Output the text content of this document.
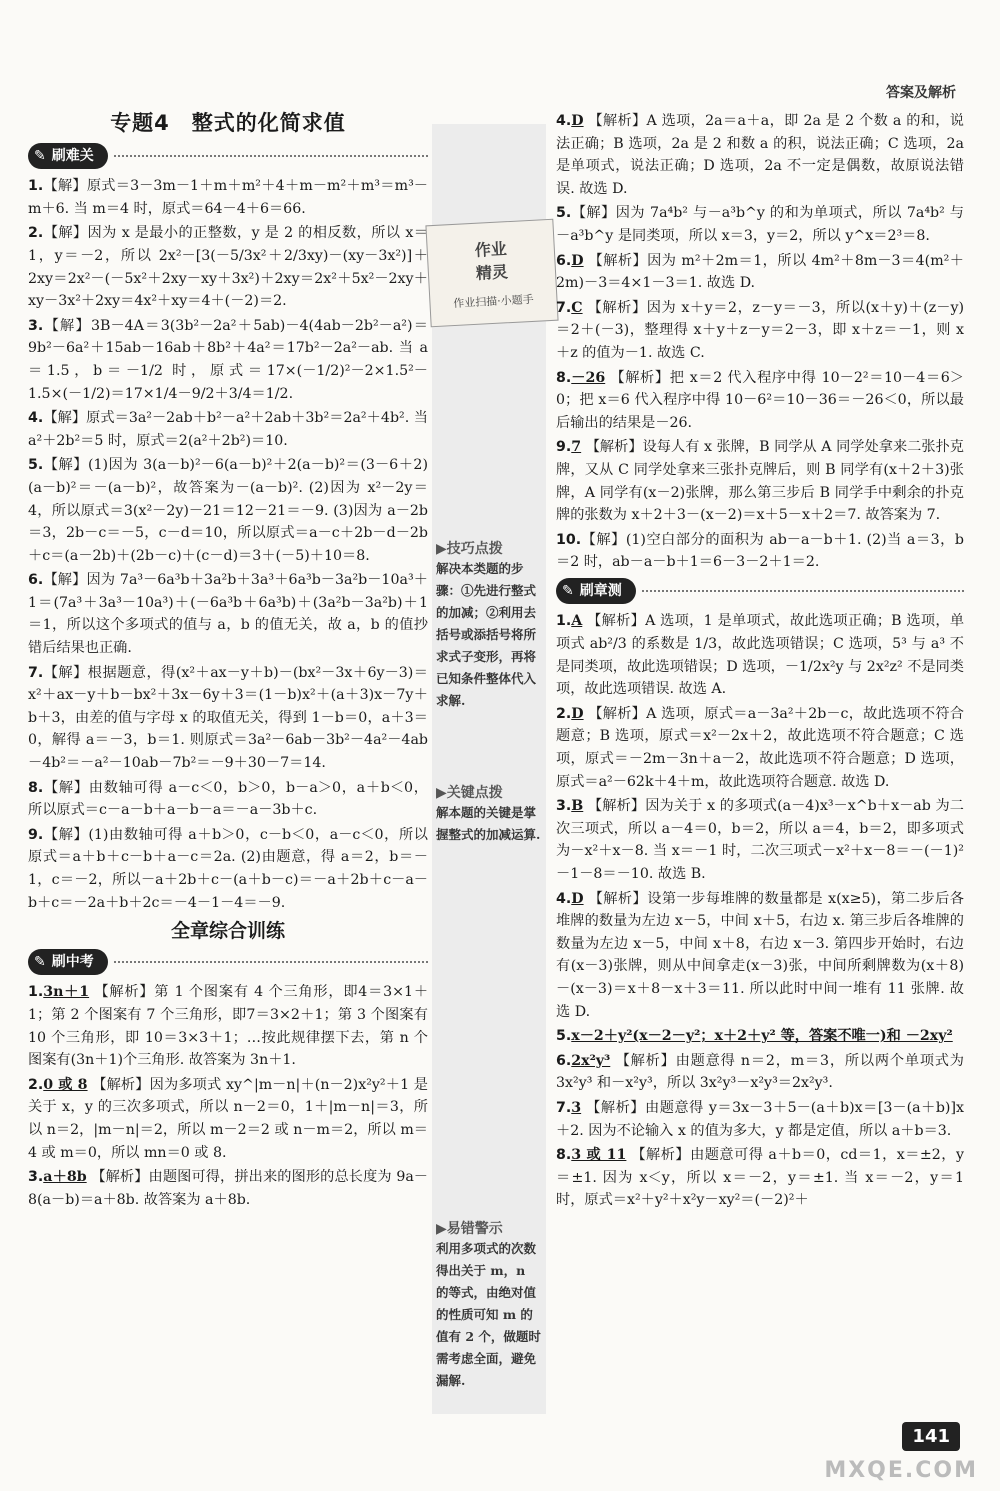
答案及解析
作业
精灵
作业扫描·小题手
▶技巧点拨
解决本类题的步骤：①先进行整式的加减；②利用去括号或添括号将所求式子变形，再将已知条件整体代入求解.
▶关键点拨
解本题的关键是掌握整式的加减运算.
▶易错警示
利用多项式的次数得出关于 m，n 的等式，由绝对值的性质可知 m 的值有 2 个，做题时需考虑全面，避免漏解.
专题4　整式的化简求值
✎ 刷难关
1.【解】原式＝3－3m－1＋m＋m²＋4＋m－m²＋m³＝m³－m＋6. 当 m＝4 时，原式＝64－4＋6＝66.
2.【解】因为 x 是最小的正整数，y 是 2 的相反数，所以 x＝1，y＝－2，所以 2x²－[3(－5/3x²＋2/3xy)－(xy－3x²)]＋2xy＝2x²－(－5x²＋2xy－xy＋3x²)＋2xy＝2x²＋5x²－2xy＋xy－3x²＋2xy＝4x²＋xy＝4＋(－2)＝2.
3.【解】3B－4A＝3(3b²－2a²＋5ab)－4(4ab－2b²－a²)＝9b²－6a²＋15ab－16ab＋8b²＋4a²＝17b²－2a²－ab. 当 a＝1.5，b＝－1/2 时，原式＝17×(－1/2)²－2×1.5²－1.5×(－1/2)＝17×1/4－9/2＋3/4＝1/2.
4.【解】原式＝3a²－2ab＋b²－a²＋2ab＋3b²＝2a²＋4b². 当 a²＋2b²＝5 时，原式＝2(a²＋2b²)＝10.
5.【解】(1)因为 3(a－b)²－6(a－b)²＋2(a－b)²＝(3－6＋2)(a－b)²＝－(a－b)²，故答案为－(a－b)². (2)因为 x²－2y＝4，所以原式＝3(x²－2y)－21＝12－21＝－9. (3)因为 a－2b＝3，2b－c＝－5，c－d＝10，所以原式＝a－c＋2b－d－2b＋c＝(a－2b)＋(2b－c)＋(c－d)＝3＋(－5)＋10＝8.
6.【解】因为 7a³－6a³b＋3a²b＋3a³＋6a³b－3a²b－10a³＋1＝(7a³＋3a³－10a³)＋(－6a³b＋6a³b)＋(3a²b－3a²b)＋1＝1，所以这个多项式的值与 a，b 的值无关，故 a，b 的值抄错后结果也正确.
7.【解】根据题意，得(x²＋ax－y＋b)－(bx²－3x＋6y－3)＝x²＋ax－y＋b－bx²＋3x－6y＋3＝(1－b)x²＋(a＋3)x－7y＋b＋3，由差的值与字母 x 的取值无关，得到 1－b＝0，a＋3＝0，解得 a＝－3，b＝1. 则原式＝3a²－6ab－3b²－4a²－4ab－4b²＝－a²－10ab－7b²＝－9＋30－7＝14.
8.【解】由数轴可得 a－c＜0，b＞0，b－a＞0，a＋b＜0，所以原式＝c－a－b＋a－b－a＝－a－3b＋c.
9.【解】(1)由数轴可得 a＋b＞0，c－b＜0，a－c＜0，所以原式＝a＋b＋c－b＋a－c＝2a. (2)由题意，得 a＝2，b＝－1，c＝－2，所以－a＋2b＋c－(a＋b－c)＝－a＋2b＋c－a－b＋c＝－2a＋b＋2c＝－4－1－4＝－9.
全章综合训练
✎ 刷中考
1.3n＋1 【解析】第 1 个图案有 4 个三角形，即4＝3×1＋1；第 2 个图案有 7 个三角形，即7＝3×2＋1；第 3 个图案有 10 个三角形，即 10＝3×3＋1；…按此规律摆下去，第 n 个图案有(3n＋1)个三角形. 故答案为 3n＋1.
2.0 或 8 【解析】因为多项式 xy^|m－n|＋(n－2)x²y²＋1 是关于 x，y 的三次多项式，所以 n－2＝0，1＋|m－n|＝3，所以 n＝2，|m－n|＝2，所以 m－2＝2 或 n－m＝2，所以 m＝4 或 m＝0，所以 mn＝0 或 8.
3.a＋8b 【解析】由题图可得，拼出来的图形的总长度为 9a－8(a－b)＝a＋8b. 故答案为 a＋8b.
4.D 【解析】A 选项，2a＝a＋a，即 2a 是 2 个数 a 的和，说法正确；B 选项，2a 是 2 和数 a 的积，说法正确；C 选项，2a 是单项式，说法正确；D 选项，2a 不一定是偶数，故原说法错误. 故选 D.
5.【解】因为 7a⁴b² 与－a³b^y 的和为单项式，所以 7a⁴b² 与－a³b^y 是同类项，所以 x＝3，y＝2，所以 y^x＝2³＝8.
6.D 【解析】因为 m²＋2m＝1，所以 4m²＋8m－3＝4(m²＋2m)－3＝4×1－3＝1. 故选 D.
7.C 【解析】因为 x＋y＝2，z－y＝－3，所以(x＋y)＋(z－y)＝2＋(－3)，整理得 x＋y＋z－y＝2－3，即 x＋z＝－1，则 x＋z 的值为－1. 故选 C.
8.－26 【解析】把 x＝2 代入程序中得 10－2²＝10－4＝6＞0；把 x＝6 代入程序中得 10－6²＝10－36＝－26＜0，所以最后输出的结果是－26.
9.7 【解析】设每人有 x 张牌，B 同学从 A 同学处拿来二张扑克牌，又从 C 同学处拿来三张扑克牌后，则 B 同学有(x＋2＋3)张牌，A 同学有(x－2)张牌，那么第三步后 B 同学手中剩余的扑克牌的张数为 x＋2＋3－(x－2)＝x＋5－x＋2＝7. 故答案为 7.
10.【解】(1)空白部分的面积为 ab－a－b＋1. (2)当 a＝3，b＝2 时，ab－a－b＋1＝6－3－2＋1＝2.
✎ 刷章测
1.A 【解析】A 选项，1 是单项式，故此选项正确；B 选项，单项式 ab²/3 的系数是 1/3，故此选项错误；C 选项，5³ 与 a³ 不是同类项，故此选项错误；D 选项，－1/2x²y 与 2x²z² 不是同类项，故此选项错误. 故选 A.
2.D 【解析】A 选项，原式＝a－3a²＋2b－c，故此选项不符合题意；B 选项，原式＝x²－2x＋2，故此选项不符合题意；C 选项，原式＝－2m－3n＋a－2，故此选项不符合题意；D 选项，原式＝a²－62k＋4＋m，故此选项符合题意. 故选 D.
3.B 【解析】因为关于 x 的多项式(a－4)x³－x^b＋x－ab 为二次三项式，所以 a－4＝0，b＝2，所以 a＝4，b＝2，即多项式为－x²＋x－8. 当 x＝－1 时，二次三项式－x²＋x－8＝－(－1)²－1－8＝－10. 故选 B.
4.D 【解析】设第一步每堆牌的数量都是 x(x≥5)，第二步后各堆牌的数量为左边 x－5，中间 x＋5，右边 x. 第三步后各堆牌的数量为左边 x－5，中间 x＋8，右边 x－3. 第四步开始时，右边有(x－3)张牌，则从中间拿走(x－3)张，中间所剩牌数为(x＋8)－(x－3)＝x＋8－x＋3＝11. 所以此时中间一堆有 11 张牌. 故选 D.
5.x－2＋y²(x－2－y²；x＋2＋y² 等，答案不唯一)和 －2xy²
6.2x²y³ 【解析】由题意得 n＝2，m＝3，所以两个单项式为 3x²y³ 和－x²y³，所以 3x²y³－x²y³＝2x²y³.
7.3 【解析】由题意得 y＝3x－3＋5－(a＋b)x＝[3－(a＋b)]x＋2. 因为不论输入 x 的值为多大，y 都是定值，所以 a＋b＝3.
8.3 或 11 【解析】由题意可得 a＋b＝0，cd＝1，x＝±2，y＝±1. 因为 x＜y，所以 x＝－2，y＝±1. 当 x＝－2，y＝1 时，原式＝x²＋y²＋x²y－xy²＝(－2)²＋
141
MXQE.COM
